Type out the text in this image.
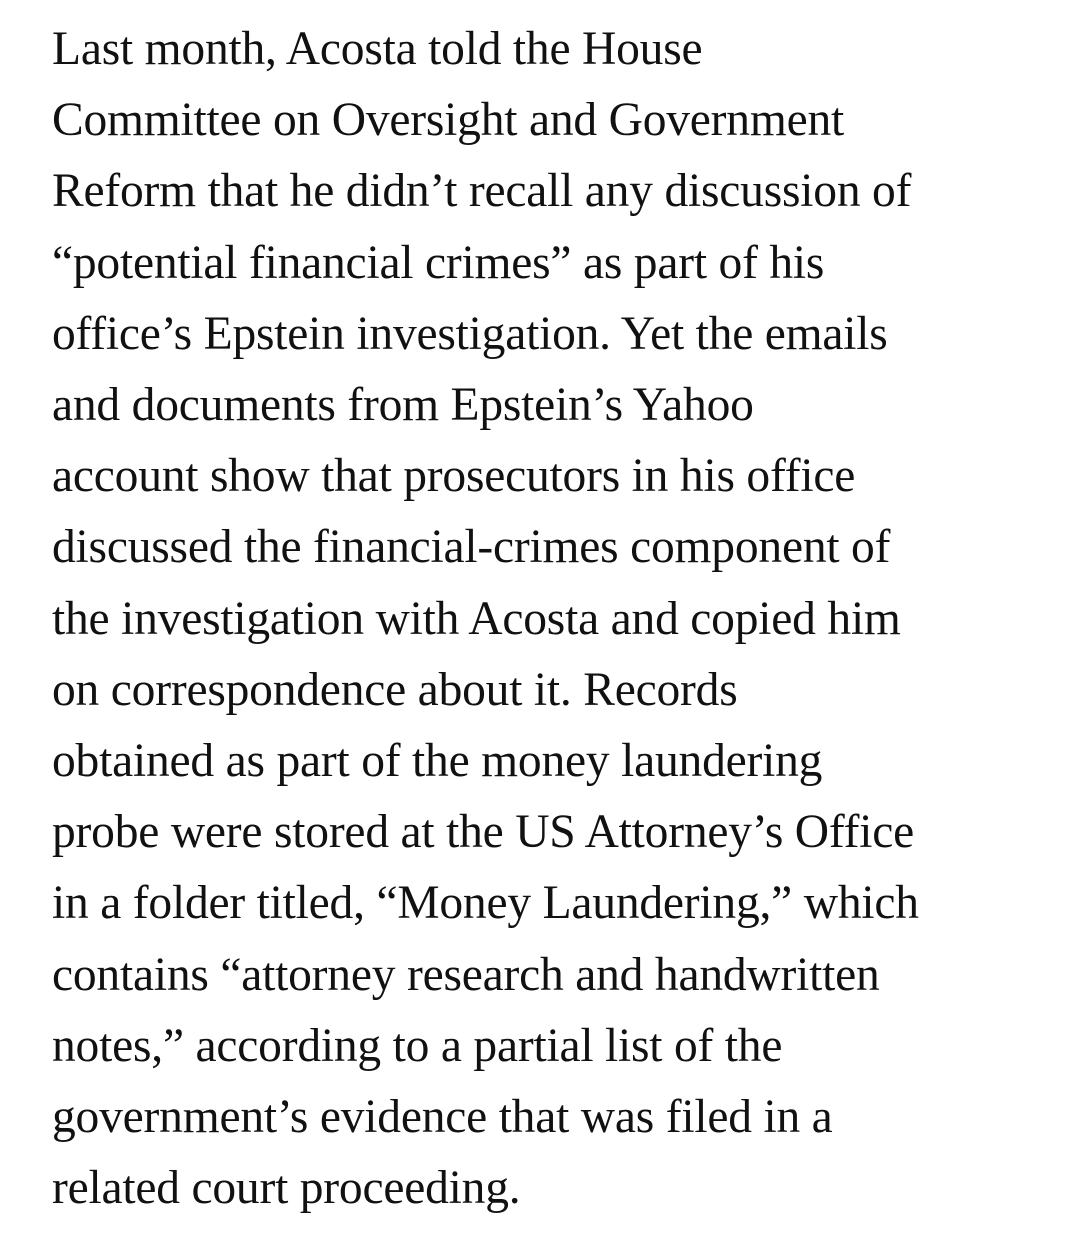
Last month, Acosta told the House
Committee on Oversight and Government
Reform that he didn’t recall any discussion of
“potential financial crimes” as part of his
office’s Epstein investigation. Yet the emails
and documents from Epstein’s Yahoo
account show that prosecutors in his office
discussed the financial-crimes component of
the investigation with Acosta and copied him
on correspondence about it. Records
obtained as part of the money laundering
probe were stored at the US Attorney’s Office
in a folder titled, “Money Laundering,” which
contains “attorney research and handwritten
notes,” according to a partial list of the
government’s evidence that was filed in a
related court proceeding.
